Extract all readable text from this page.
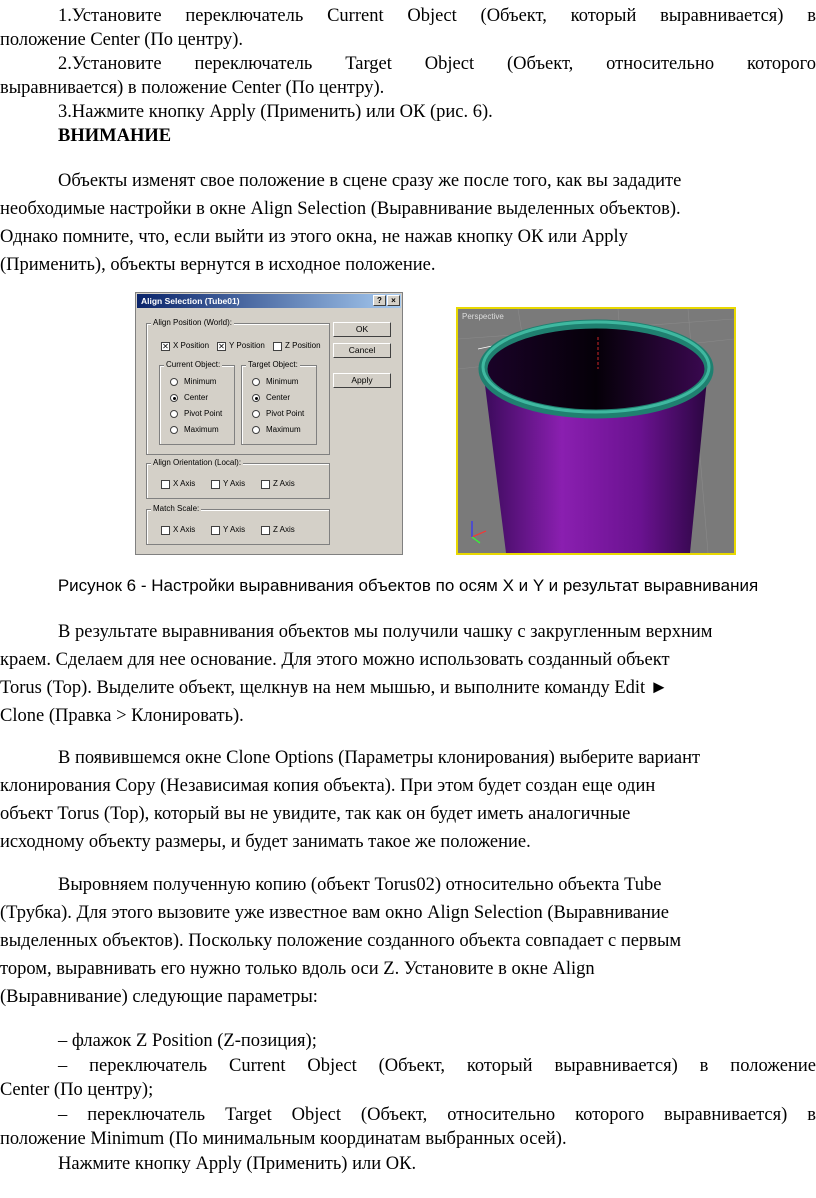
1.Установите переключатель Current Object (Объект, который выравнивается) в
положение Center (По центру).
2.Установите переключатель Target Object (Объект, относительно которого
выравнивается) в положение Center (По центру).
3.Нажмите кнопку Apply (Применить) или ОК (рис. 6).
ВНИМАНИЕ
Объекты изменят свое положение в сцене сразу же после того, как вы зададите
необходимые настройки в окне Align Selection (Выравнивание выделенных объектов).
Однако помните, что, если выйти из этого окна, не нажав кнопку ОК или Apply
(Применить), объекты вернутся в исходное положение.
Align Selection (Tube01)	?	×
Align Position (World):
✕ X Position ✕ Y Position	Z Position
Current Object:
Minimum
Center
Pivot Point
Maximum
Target Object:
Minimum
Center
Pivot Point
Maximum
OK
Cancel
Apply
Align Orientation (Local):
X Axis	Y Axis	Z Axis
Match Scale:
X Axis	Y Axis	Z Axis
Perspective
Рисунок 6 - Настройки выравнивания объектов по осям X и Y и результат выравнивания
В результате выравнивания объектов мы получили чашку с закругленным верхним
краем. Сделаем для нее основание. Для этого можно использовать созданный объект
Torus (Тор). Выделите объект, щелкнув на нем мышью, и выполните команду Edit ►
Clone (Правка > Клонировать).
В появившемся окне Clone Options (Параметры клонирования) выберите вариант
клонирования Copy (Независимая копия объекта). При этом будет создан еще один
объект Torus (Тор), который вы не увидите, так как он будет иметь аналогичные
исходному объекту размеры, и будет занимать такое же положение.
Выровняем полученную копию (объект Torus02) относительно объекта Tube
(Трубка). Для этого вызовите уже известное вам окно Align Selection (Выравнивание
выделенных объектов). Поскольку положение созданного объекта совпадает с первым
тором, выравнивать его нужно только вдоль оси Z. Установите в окне Align
(Выравнивание) следующие параметры:
– флажок Z Position (Z-позиция);
– переключатель Current Object (Объект, который выравнивается) в положение
Center (По центру);
– переключатель Target Object (Объект, относительно которого выравнивается) в
положение Minimum (По минимальным координатам выбранных осей).
Нажмите кнопку Apply (Применить) или ОК.
